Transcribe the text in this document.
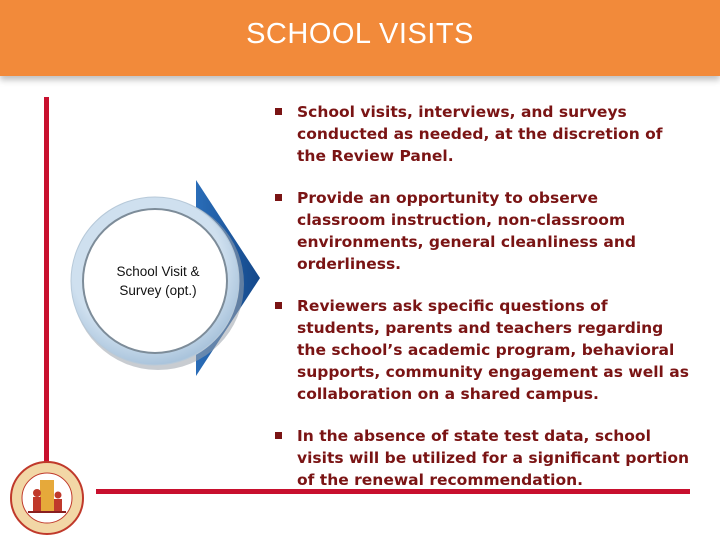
SCHOOL VISITS
School Visit & Survey (opt.)
School visits, interviews, and surveys conducted as needed, at the discretion of the Review Panel.
Provide an opportunity to observe classroom instruction, non-classroom environments, general cleanliness and orderliness.
Reviewers ask specific questions of students, parents and teachers regarding the school’s academic program, behavioral supports, community engagement as well as collaboration on a shared campus.
In the absence of state test data, school visits will be utilized for a significant portion of the renewal recommendation.
